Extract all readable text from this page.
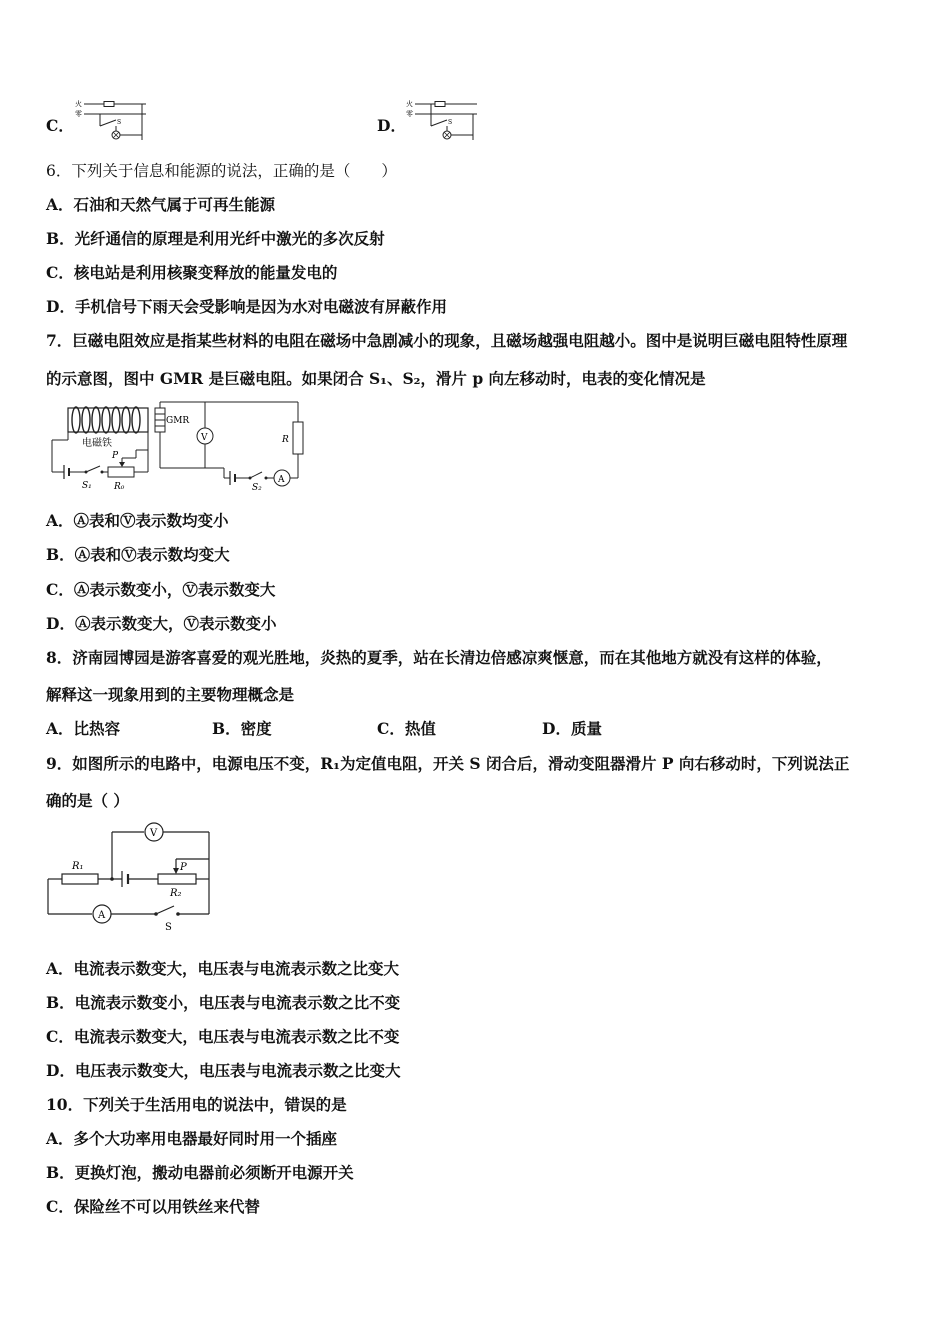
C．
火
零
S	D．
火
零
S
6．下列关于信息和能源的说法，正确的是（　　）
A．石油和天然气属于可再生能源
B．光纤通信的原理是利用光纤中激光的多次反射
C．核电站是利用核聚变释放的能量发电的
D．手机信号下雨天会受影响是因为水对电磁波有屏蔽作用
7．巨磁电阻效应是指某些材料的电阻在磁场中急剧减小的现象，且磁场越强电阻越小。图中是说明巨磁电阻特性原理
的示意图，图中 GMR 是巨磁电阻。如果闭合 S₁、S₂，滑片 p 向左移动时，电表的变化情况是
电磁铁
S₁ R₀
P
GMR
V
S₂
A
R
A．Ⓐ表和Ⓥ表示数均变小
B．Ⓐ表和Ⓥ表示数均变大
C．Ⓐ表示数变小，Ⓥ表示数变大
D．Ⓐ表示数变大，Ⓥ表示数变小
8．济南园博园是游客喜爱的观光胜地，炎热的夏季，站在长清边倍感凉爽惬意，而在其他地方就没有这样的体验，
解释这一现象用到的主要物理概念是
A．比热容	B．密度	C．热值	D．质量
9．如图所示的电路中，电源电压不变，R₁为定值电阻，开关 S 闭合后，滑动变阻器滑片 P 向右移动时，下列说法正
确的是（ ）
V
R₁
R₂
P
A
S
A．电流表示数变大，电压表与电流表示数之比变大
B．电流表示数变小，电压表与电流表示数之比不变
C．电流表示数变大，电压表与电流表示数之比不变
D．电压表示数变大，电压表与电流表示数之比变大
10．下列关于生活用电的说法中，错误的是
A．多个大功率用电器最好同时用一个插座
B．更换灯泡，搬动电器前必须断开电源开关
C．保险丝不可以用铁丝来代替
